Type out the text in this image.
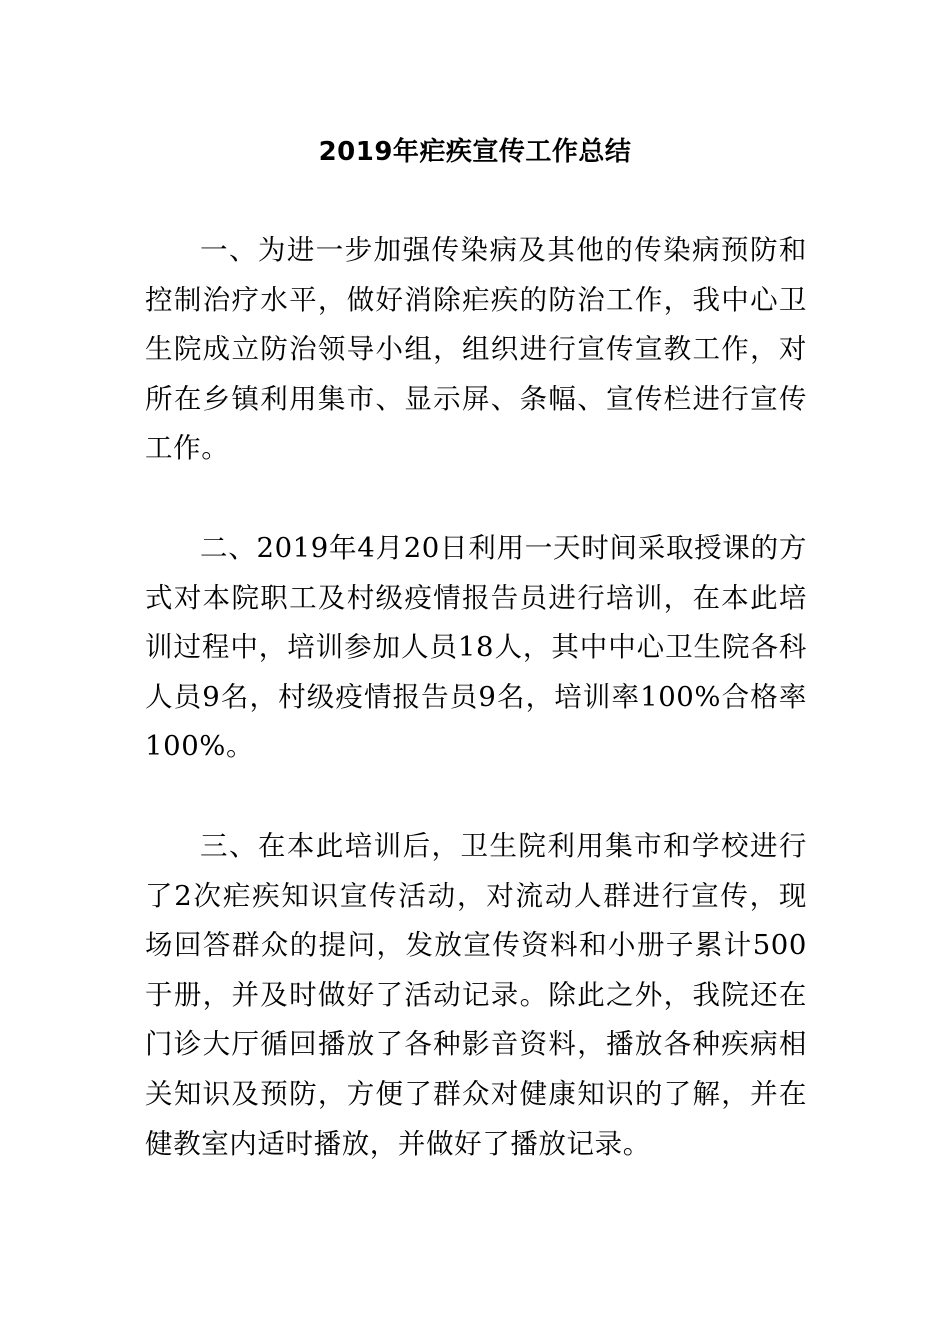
2019年疟疾宣传工作总结

一、为进一步加强传染病及其他的传染病预防和控制治疗水平，做好消除疟疾的防治工作，我中心卫生院成立防治领导小组，组织进行宣传宣教工作，对所在乡镇利用集市、显示屏、条幅、宣传栏进行宣传工作。

二、2019年4月20日利用一天时间采取授课的方式对本院职工及村级疫情报告员进行培训，在本此培训过程中，培训参加人员18人，其中中心卫生院各科人员9名，村级疫情报告员9名，培训率100%合格率100%。

三、在本此培训后，卫生院利用集市和学校进行了2次疟疾知识宣传活动，对流动人群进行宣传，现场回答群众的提问，发放宣传资料和小册子累计500于册，并及时做好了活动记录。除此之外，我院还在门诊大厅循回播放了各种影音资料，播放各种疾病相关知识及预防，方便了群众对健康知识的了解，并在健教室内适时播放，并做好了播放记录。
